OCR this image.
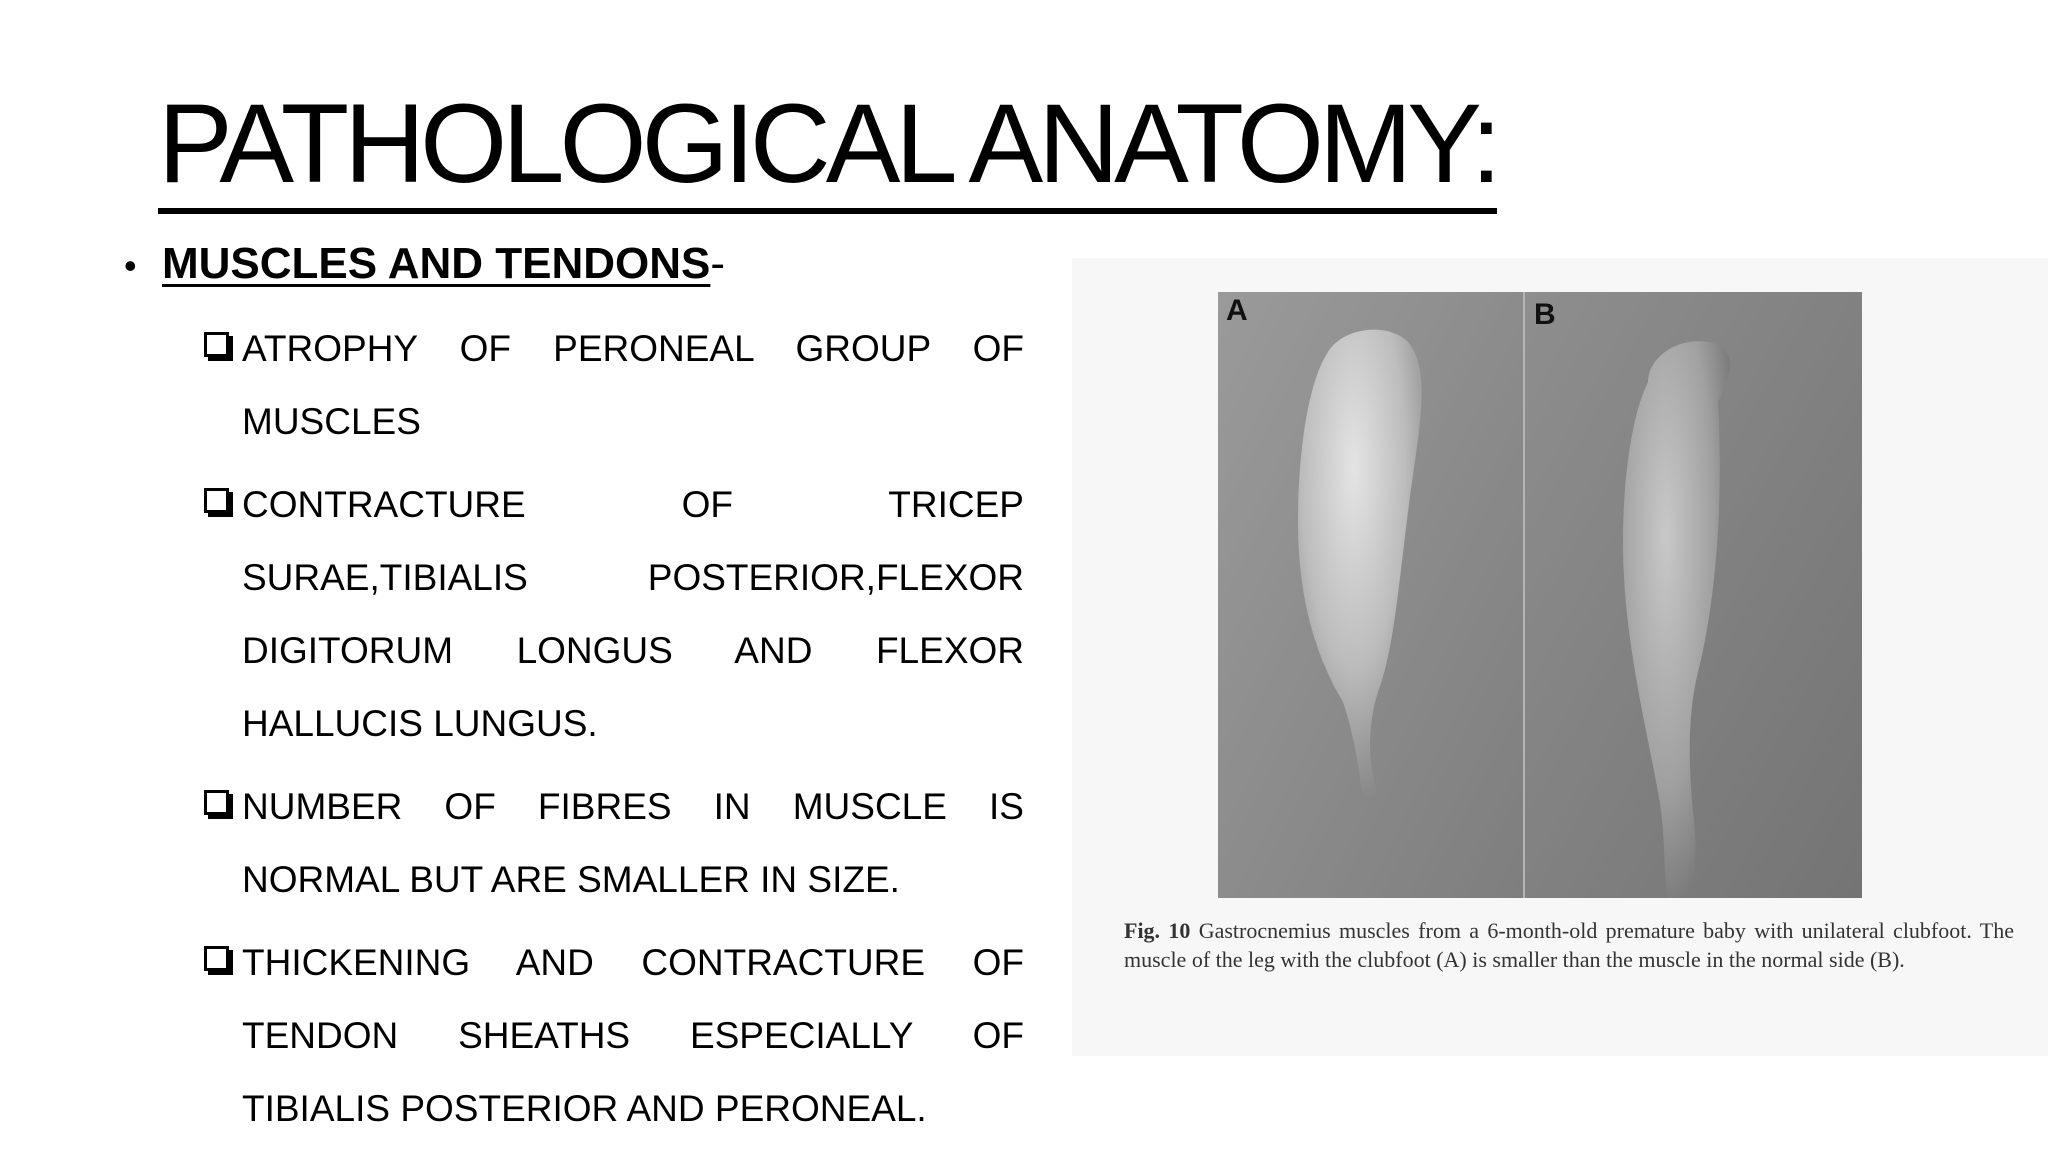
PATHOLOGICAL ANATOMY:
• MUSCLES AND TENDONS-
ATROPHY OF PERONEAL GROUP OF MUSCLES
CONTRACTURE OF TRICEP SURAE,TIBIALIS POSTERIOR,FLEXOR DIGITORUM LONGUS AND FLEXOR HALLUCIS LUNGUS.
NUMBER OF FIBRES IN MUSCLE IS NORMAL BUT ARE SMALLER IN SIZE.
THICKENING AND CONTRACTURE OF TENDON SHEATHS ESPECIALLY OF TIBIALIS POSTERIOR AND PERONEAL.
A	B
Fig. 10 Gastrocnemius muscles from a 6-month-old premature baby with unilateral clubfoot. The muscle of the leg with the clubfoot (A) is smaller than the muscle in the normal side (B).
